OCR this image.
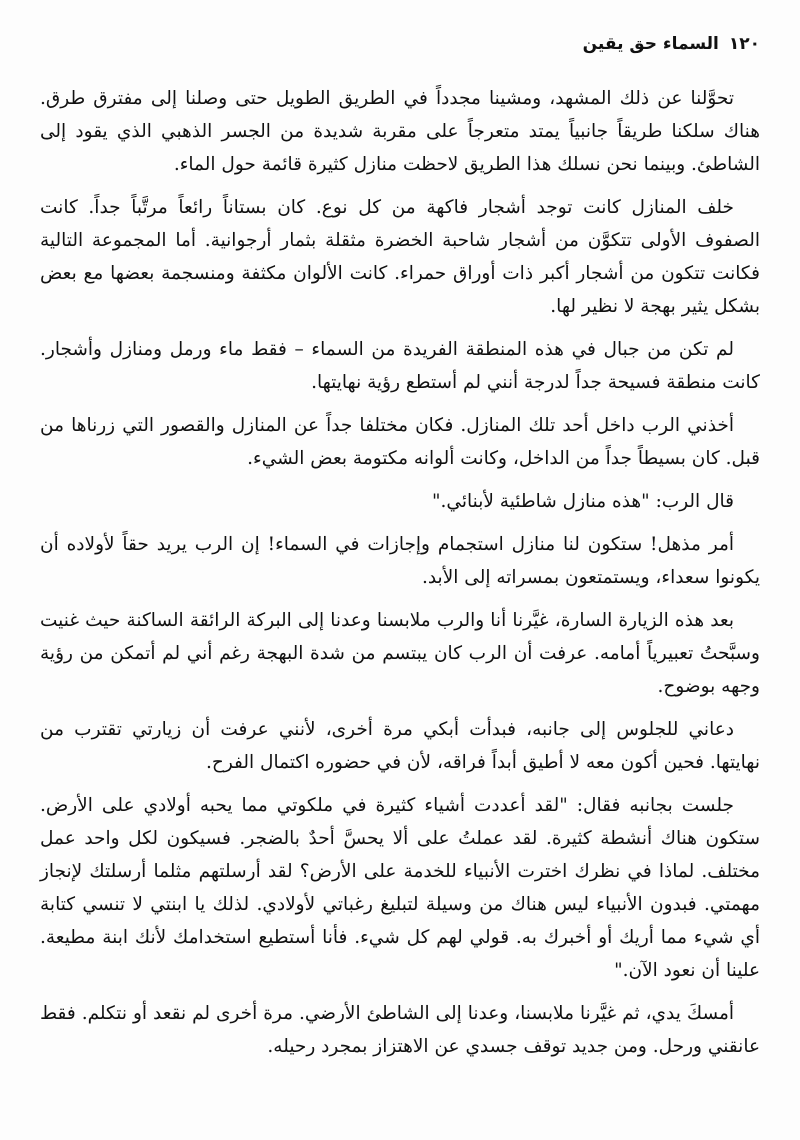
١٢٠
السماء حق يقين

تحوَّلنا عن ذلك المشهد، ومشينا مجدداً في الطريق الطويل حتى وصلنا إلى مفترق طرق. هناك سلكنا طريقاً جانبياً يمتد متعرجاً على مقربة شديدة من الجسر الذهبي الذي يقود إلى الشاطئ. وبينما نحن نسلك هذا الطريق لاحظت منازل كثيرة قائمة حول الماء.

خلف المنازل كانت توجد أشجار فاكهة من كل نوع. كان بستاناً رائعاً مرتَّباً جداً. كانت الصفوف الأولى تتكوَّن من أشجار شاحبة الخضرة مثقلة بثمار أرجوانية. أما المجموعة التالية فكانت تتكون من أشجار أكبر ذات أوراق حمراء. كانت الألوان مكثفة ومنسجمة بعضها مع بعض بشكل يثير بهجة لا نظير لها.

لم تكن من جبال في هذه المنطقة الفريدة من السماء – فقط ماء ورمل ومنازل وأشجار. كانت منطقة فسيحة جداً لدرجة أنني لم أستطع رؤية نهايتها.

أخذني الرب داخل أحد تلك المنازل. فكان مختلفا جداً عن المنازل والقصور التي زرناها من قبل. كان بسيطاً جداً من الداخل، وكانت ألوانه مكتومة بعض الشيء.

قال الرب: "هذه منازل شاطئية لأبنائي."

أمر مذهل! ستكون لنا منازل استجمام وإجازات في السماء! إن الرب يريد حقاً لأولاده أن يكونوا سعداء، ويستمتعون بمسراته إلى الأبد.

بعد هذه الزيارة السارة، غيَّرنا أنا والرب ملابسنا وعدنا إلى البركة الرائقة الساكنة حيث غنيت وسبَّحتُ تعبيرياً أمامه. عرفت أن الرب كان يبتسم من شدة البهجة رغم أني لم أتمكن من رؤية وجهه بوضوح.

دعاني للجلوس إلى جانبه، فبدأت أبكي مرة أخرى، لأنني عرفت أن زيارتي تقترب من نهايتها. فحين أكون معه لا أطيق أبداً فراقه، لأن في حضوره اكتمال الفرح.

جلست بجانبه فقال: "لقد أعددت أشياء كثيرة في ملكوتي مما يحبه أولادي على الأرض. ستكون هناك أنشطة كثيرة. لقد عملتُ على ألا يحسَّ أحدٌ بالضجر. فسيكون لكل واحد عمل مختلف. لماذا في نظرك اخترت الأنبياء للخدمة على الأرض؟ لقد أرسلتهم مثلما أرسلتك لإنجاز مهمتي. فبدون الأنبياء ليس هناك من وسيلة لتبليغ رغباتي لأولادي. لذلك يا ابنتي لا تنسي كتابة أي شيء مما أريك أو أخبرك به. قولي لهم كل شيء. فأنا أستطيع استخدامك لأنك ابنة مطيعة. علينا أن نعود الآن."

أمسكَ يدي، ثم غيَّرنا ملابسنا، وعدنا إلى الشاطئ الأرضي. مرة أخرى لم نقعد أو نتكلم. فقط عانقني ورحل. ومن جديد توقف جسدي عن الاهتزاز بمجرد رحيله.
